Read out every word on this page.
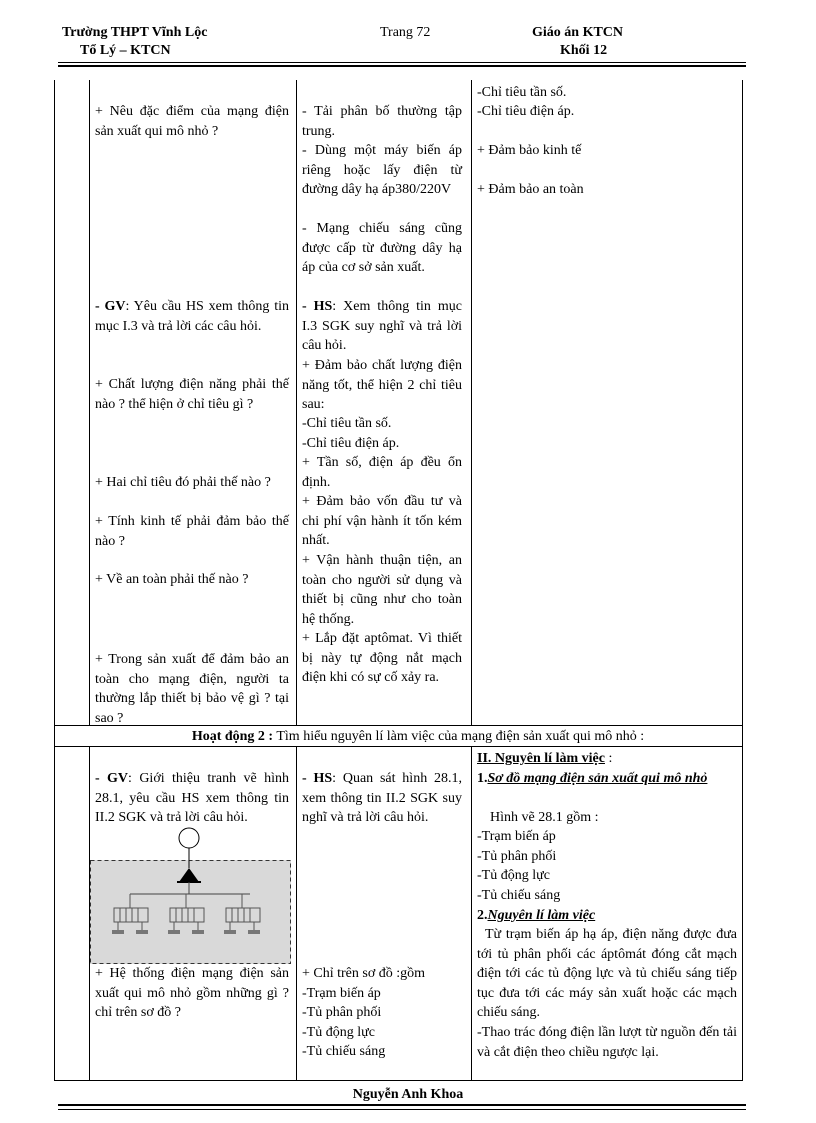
Trường THPT Vĩnh Lộc
Tổ Lý – KTCN
Trang 72	Giáo án KTCN
Khối 12
+ Nêu đặc điểm của mạng điện sản xuất qui mô nhỏ ?
- GV: Yêu cầu HS xem thông tin mục I.3 và trả lời các câu hỏi.
+ Chất lượng điện năng phải thế nào ? thể hiện ở chỉ tiêu gì ?
+ Hai chỉ tiêu đó phải thế nào ?
+ Tính kinh tế phải đảm bảo thế nào ?
+ Về an toàn phải thế nào ?
+ Trong sản xuất để đảm bảo an toàn cho mạng điện, người ta thường lắp thiết bị bảo vệ gì ? tại sao ?
- Tải phân bố thường tập trung.
- Dùng một máy biến áp riêng hoặc lấy điện từ đường dây hạ áp380/220V
- Mạng chiếu sáng cũng được cấp từ đường dây hạ áp của cơ sở sản xuất.
- HS: Xem thông tin mục I.3 SGK suy nghĩ và trả lời câu hỏi.
+ Đảm bảo chất lượng điện năng tốt, thể hiện 2 chỉ tiêu sau:
-Chỉ tiêu tần số.
-Chỉ tiêu điện áp.
+ Tần số, điện áp đều ổn định.
+ Đảm bảo vốn đầu tư và chi phí vận hành ít tốn kém nhất.
+ Vận hành thuận tiện, an toàn cho người sử dụng và thiết bị cũng như cho toàn hệ thống.
+ Lắp đặt aptômat. Vì thiết bị này tự động nắt mạch điện khi có sự cố xảy ra.
-Chỉ tiêu tần số.
-Chỉ tiêu điện áp.
+ Đảm bảo kinh tế
+ Đảm bảo an toàn
Hoạt động 2 : Tìm hiểu nguyên lí làm việc của mạng điện sản xuất qui mô nhỏ :
- GV: Giới thiệu tranh vẽ hình 28.1, yêu cầu HS xem thông tin II.2 SGK và trả lời câu hỏi.
+ Hệ thống điện mạng điện sản xuất qui mô nhỏ gồm những gì ? chỉ trên sơ đồ ?
- HS: Quan sát hình 28.1, xem thông tin II.2 SGK suy nghĩ và trả lời câu hỏi.
+ Chỉ trên sơ đồ :gồm
-Trạm biến áp
-Tủ phân phối
-Tủ động lực
-Tủ chiếu sáng
II. Nguyên lí làm việc :
1.Sơ đồ mạng điện sản xuất qui mô nhỏ
Hình vẽ 28.1 gồm :
-Trạm biến áp
-Tủ phân phối
-Tủ động lực
-Tủ chiếu sáng
2.Nguyên lí làm việc
Từ trạm biến áp hạ áp, điện năng được đưa tới tủ phân phối các áptômát đóng cắt mạch điện tới các tủ động lực và tủ chiếu sáng tiếp tục đưa tới các máy sản xuất hoặc các mạch chiếu sáng.
-Thao trác đóng điện lần lượt từ nguồn đến tải và cắt điện theo chiều ngược lại.
Nguyễn Anh Khoa
